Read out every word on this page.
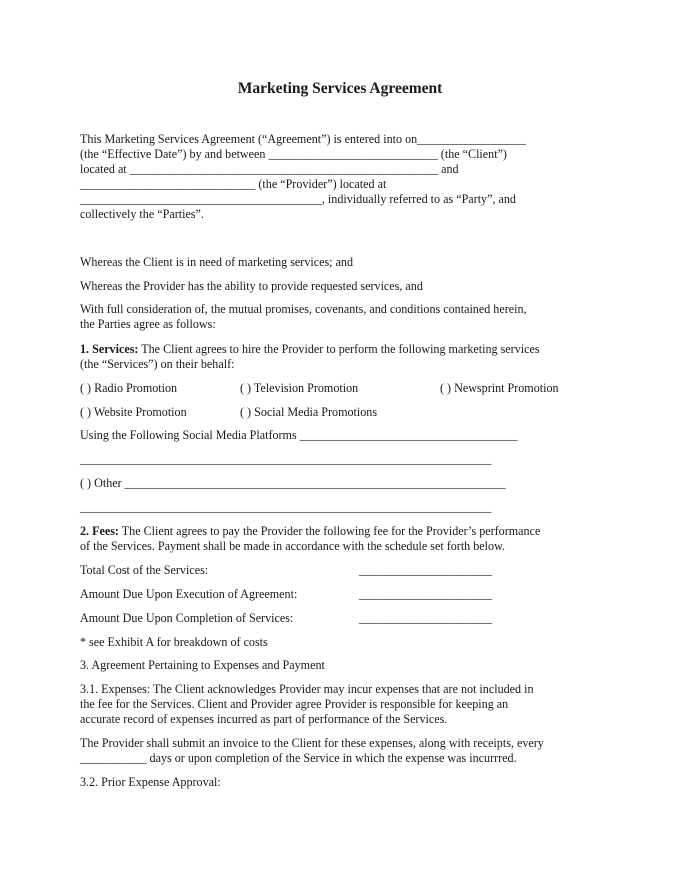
Marketing Services Agreement
This Marketing Services Agreement (“Agreement”) is entered into on__________________
(the “Effective Date”) by and between ____________________________ (the “Client”)
located at ___________________________________________________ and
_____________________________ (the “Provider”) located at
________________________________________, individually referred to as “Party”, and
collectively the “Parties”.
Whereas the Client is in need of marketing services; and
Whereas the Provider has the ability to provide requested services, and
With full consideration of, the mutual promises, covenants, and conditions contained herein,
the Parties agree as follows:
1. Services: The Client agrees to hire the Provider to perform the following marketing services
(the “Services”) on their behalf:
( ) Radio Promotion	( ) Television Promotion	( ) Newsprint Promotion
( ) Website Promotion	( ) Social Media Promotions
Using the Following Social Media Platforms ____________________________________
____________________________________________________________________
( ) Other _______________________________________________________________
____________________________________________________________________
2. Fees: The Client agrees to pay the Provider the following fee for the Provider’s performance
of the Services. Payment shall be made in accordance with the schedule set forth below.
Total Cost of the Services:	______________________
Amount Due Upon Execution of Agreement:	______________________
Amount Due Upon Completion of Services:	______________________
* see Exhibit A for breakdown of costs
3. Agreement Pertaining to Expenses and Payment
3.1. Expenses: The Client acknowledges Provider may incur expenses that are not included in
the fee for the Services. Client and Provider agree Provider is responsible for keeping an
accurate record of expenses incurred as part of performance of the Services.
The Provider shall submit an invoice to the Client for these expenses, along with receipts, every
___________ days or upon completion of the Service in which the expense was incurrred.
3.2. Prior Expense Approval:
